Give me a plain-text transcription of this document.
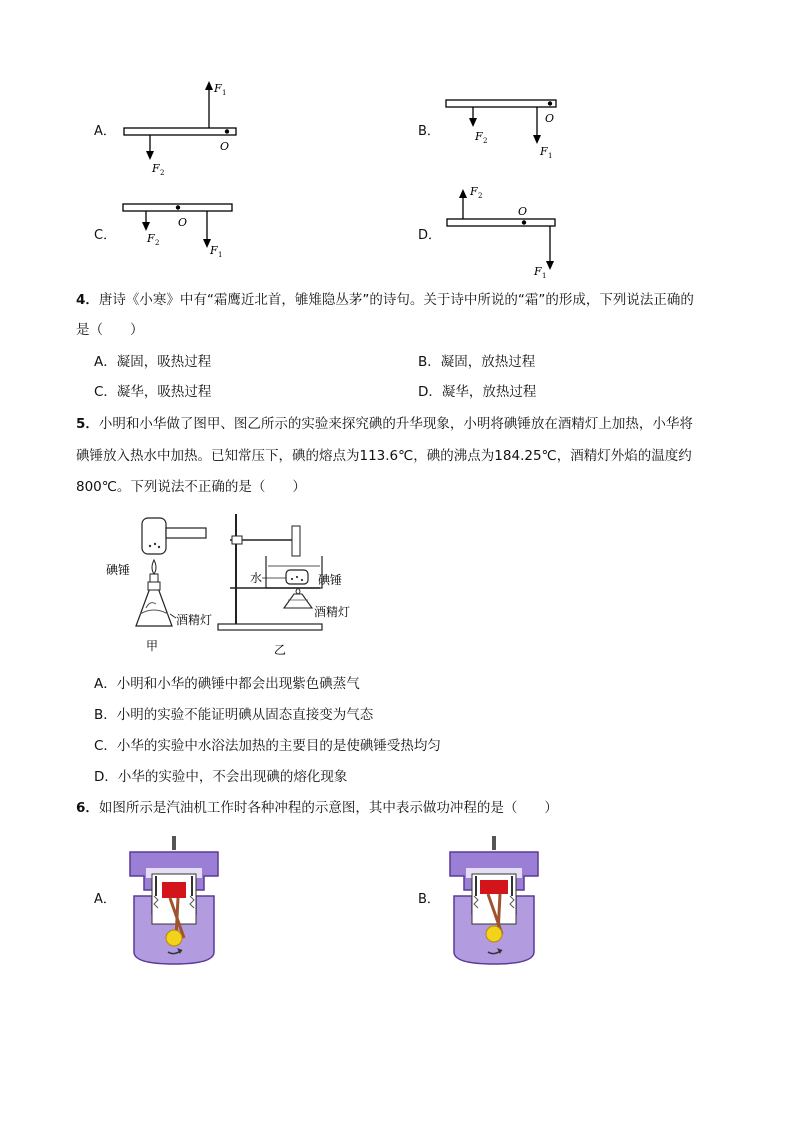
A．
F 1
F 2
O
B．	F 2
F 1
O
C．	F 2
F 1
O
D．
F 2
F 1
O
4．唐诗《小寒》中有“霜鹰近北首，雊雉隐丛茅”的诗句。关于诗中所说的“霜”的形成，下列说法正确的
是（　　）
A．凝固，吸热过程	B．凝固，放热过程
C．凝华，吸热过程	D．凝华，放热过程
5．小明和小华做了图甲、图乙所示的实验来探究碘的升华现象，小明将碘锤放在酒精灯上加热，小华将
碘锤放入热水中加热。已知常压下，碘的熔点为113.6℃，碘的沸点为184.25℃，酒精灯外焰的温度约
800℃。下列说法不正确的是（　　）
碘锤
酒精灯
甲
水	碘锤
酒精灯
乙
A．小明和小华的碘锤中都会出现紫色碘蒸气
B．小明的实验不能证明碘从固态直接变为气态
C．小华的实验中水浴法加热的主要目的是使碘锤受热均匀
D．小华的实验中，不会出现碘的熔化现象
6．如图所示是汽油机工作时各种冲程的示意图，其中表示做功冲程的是（　　）
A．	B．
